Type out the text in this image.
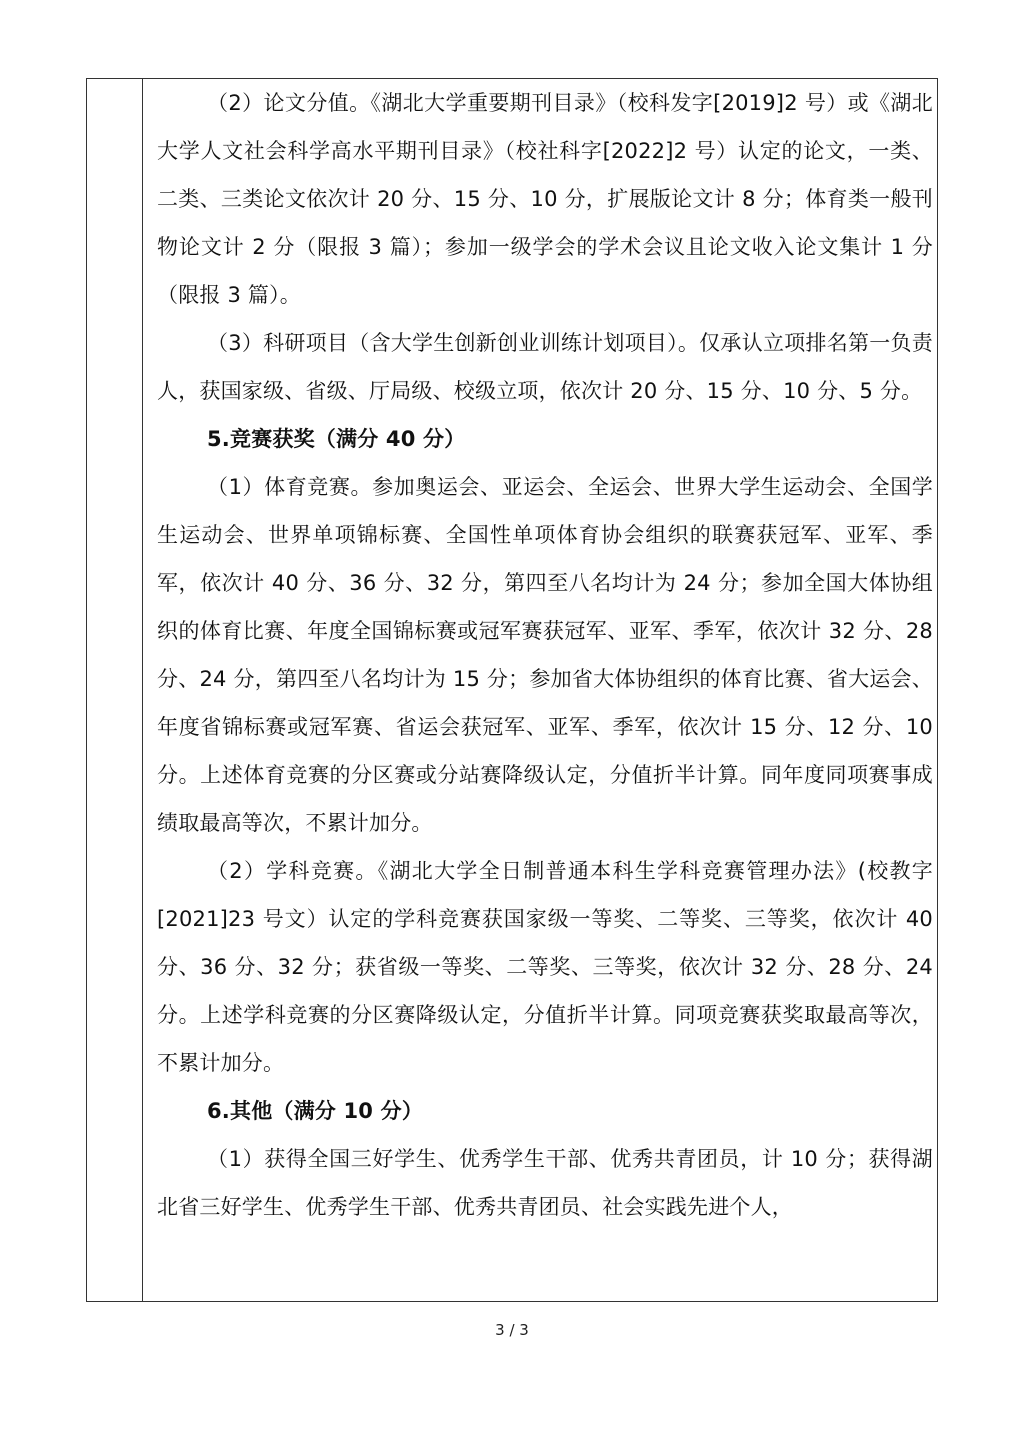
（2）论文分值。《湖北大学重要期刊目录》（校科发字[2019]2 号）或《湖北大学人文社会科学高水平期刊目录》（校社科字[2022]2 号）认定的论文，一类、二类、三类论文依次计 20 分、15 分、10 分，扩展版论文计 8 分；体育类一般刊物论文计 2 分（限报 3 篇）；参加一级学会的学术会议且论文收入论文集计 1 分（限报 3 篇）。

（3）科研项目（含大学生创新创业训练计划项目）。仅承认立项排名第一负责人，获国家级、省级、厅局级、校级立项，依次计 20 分、15 分、10 分、5 分。

5.竞赛获奖（满分 40 分）

（1）体育竞赛。参加奥运会、亚运会、全运会、世界大学生运动会、全国学生运动会、世界单项锦标赛、全国性单项体育协会组织的联赛获冠军、亚军、季军，依次计 40 分、36 分、32 分，第四至八名均计为 24 分；参加全国大体协组织的体育比赛、年度全国锦标赛或冠军赛获冠军、亚军、季军，依次计 32 分、28 分、24 分，第四至八名均计为 15 分；参加省大体协组织的体育比赛、省大运会、年度省锦标赛或冠军赛、省运会获冠军、亚军、季军，依次计 15 分、12 分、10 分。上述体育竞赛的分区赛或分站赛降级认定，分值折半计算。同年度同项赛事成绩取最高等次，不累计加分。

（2）学科竞赛。《湖北大学全日制普通本科生学科竞赛管理办法》(校教字[2021]23 号文）认定的学科竞赛获国家级一等奖、二等奖、三等奖，依次计 40 分、36 分、32 分；获省级一等奖、二等奖、三等奖，依次计 32 分、28 分、24 分。上述学科竞赛的分区赛降级认定，分值折半计算。同项竞赛获奖取最高等次，不累计加分。

6.其他（满分 10 分）

（1）获得全国三好学生、优秀学生干部、优秀共青团员，计 10 分；获得湖北省三好学生、优秀学生干部、优秀共青团员、社会实践先进个人，

3 / 3
